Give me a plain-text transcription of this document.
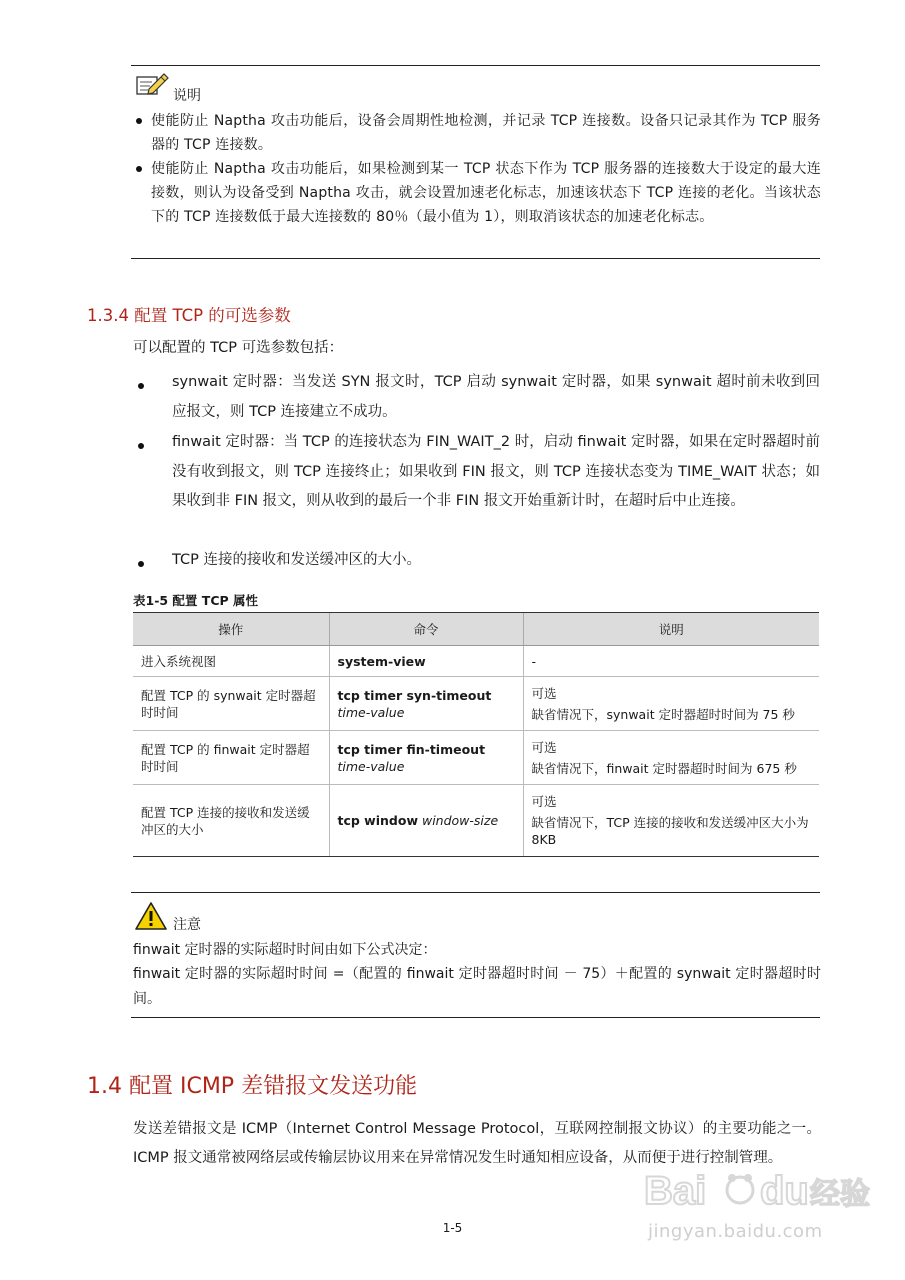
说明
使能防止 Naptha 攻击功能后，设备会周期性地检测，并记录 TCP 连接数。设备只记录其作为 TCP 服务器的 TCP 连接数。
使能防止 Naptha 攻击功能后，如果检测到某一 TCP 状态下作为 TCP 服务器的连接数大于设定的最大连接数，则认为设备受到 Naptha 攻击，就会设置加速老化标志，加速该状态下 TCP 连接的老化。当该状态下的 TCP 连接数低于最大连接数的 80％（最小值为 1），则取消该状态的加速老化标志。
1.3.4 配置 TCP 的可选参数
可以配置的 TCP 可选参数包括：
synwait 定时器：当发送 SYN 报文时，TCP 启动 synwait 定时器，如果 synwait 超时前未收到回应报文，则 TCP 连接建立不成功。
finwait 定时器：当 TCP 的连接状态为 FIN_WAIT_2 时，启动 finwait 定时器，如果在定时器超时前没有收到报文，则 TCP 连接终止；如果收到 FIN 报文，则 TCP 连接状态变为 TIME_WAIT 状态；如果收到非 FIN 报文，则从收到的最后一个非 FIN 报文开始重新计时，在超时后中止连接。
TCP 连接的接收和发送缓冲区的大小。
表1-5 配置 TCP 属性
操作	命令	说明
进入系统视图	system-view	-
配置 TCP 的 synwait 定时器超时时间	tcp timer syn-timeout
time-value	可选
缺省情况下，synwait 定时器超时时间为 75 秒

配置 TCP 的 finwait 定时器超时时间	tcp timer fin-timeout
time-value	可选
缺省情况下，finwait 定时器超时时间为 675 秒

配置 TCP 连接的接收和发送缓冲区的大小	tcp window window-size	可选
缺省情况下，TCP 连接的接收和发送缓冲区大小为 8KB
注意
finwait 定时器的实际超时时间由如下公式决定：
finwait 定时器的实际超时时间 =（配置的 finwait 定时器超时时间 － 75）＋配置的 synwait 定时器超时时间。
1.4 配置 ICMP 差错报文发送功能
发送差错报文是 ICMP（Internet Control Message Protocol，互联网控制报文协议）的主要功能之一。ICMP 报文通常被网络层或传输层协议用来在异常情况发生时通知相应设备，从而便于进行控制管理。
1-5
Bai du 经验
jingyan.baidu.com
